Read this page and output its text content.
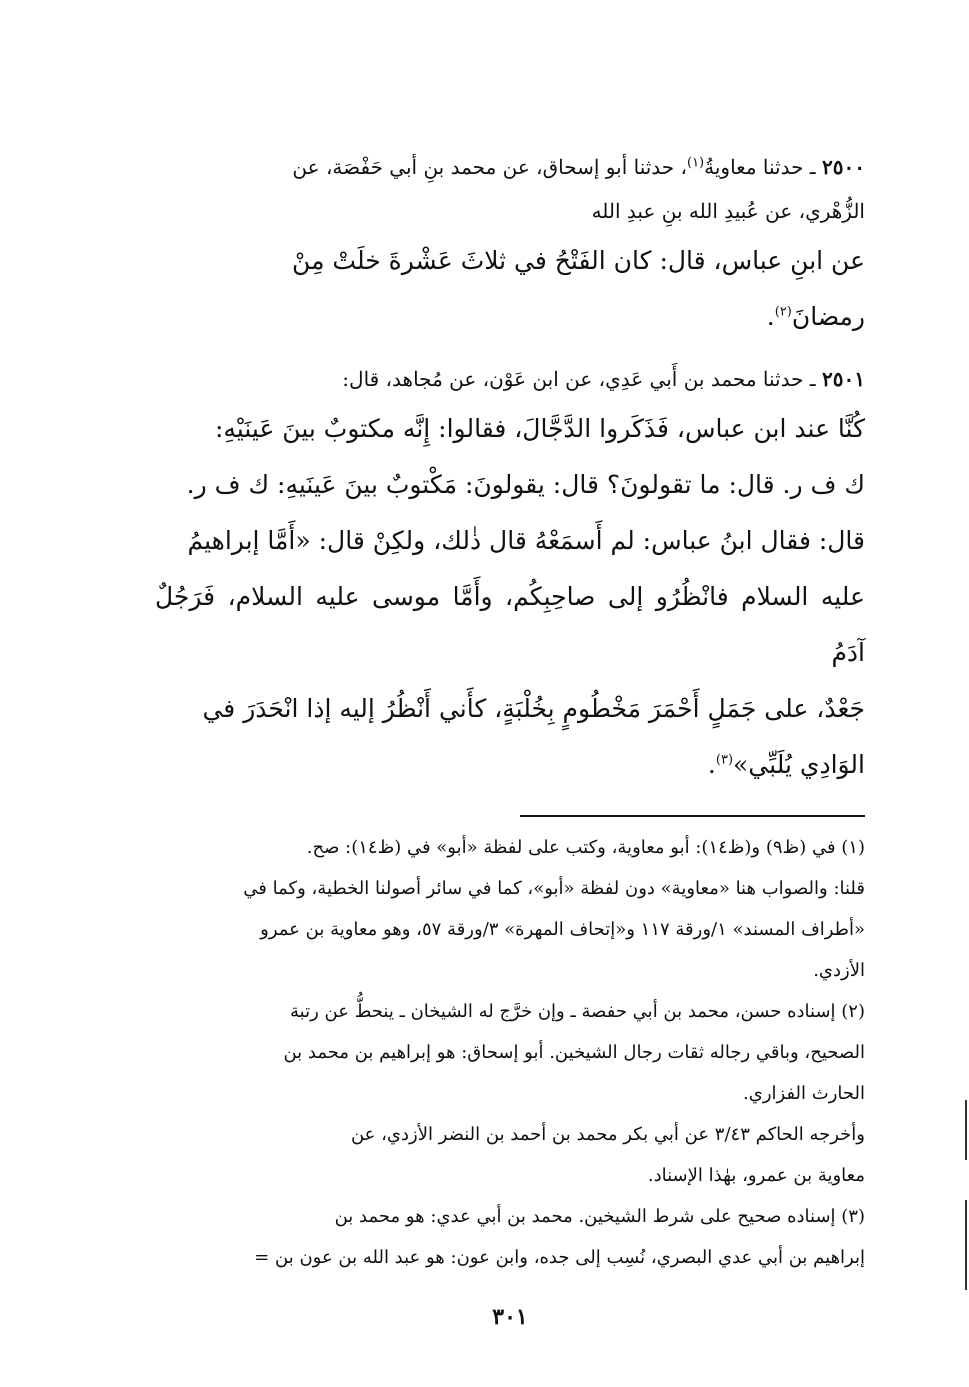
٢٥٠٠ ـ حدثنا معاويةُ$^{(١)}$، حدثنا أبو إسحاق، عن محمد بنِ أبي حَفْصَة، عن

الزُّهْري، عن عُبيدِ الله بنِ عبدِ الله

عن ابنِ عباس، قال: كان الفَتْحُ في ثلاثَ عَشْرةَ خلَتْ مِنْ

رمضانَ$^{(٢)}$.

٢٥٠١ ـ حدثنا محمد بن أَبي عَدِي، عن ابن عَوْن، عن مُجاهد، قال:

كُنَّا عند ابن عباس، فَذَكَروا الدَّجَّالَ، فقالوا: إِنَّه مكتوبٌ بينَ عَينَيْهِ:

ك ف ر. قال: ما تقولونَ؟ قال: يقولونَ: مَكْتوبٌ بينَ عَينَيهِ: ك ف ر.

قال: فقال ابنُ عباس: لم أَسمَعْهُ قال ذٰلك، ولكِنْ قال: «أَمَّا إبراهيمُ

عليه السلام فانْظُرُو إلى صاحِبِكُم، وأَمَّا موسى عليه السلام، فَرَجُلٌ آدَمُ

جَعْدٌ، على جَمَلٍ أَحْمَرَ مَخْطُومٍ بِخُلْبَةٍ، كأَني أَنْظُرُ إليه إذا انْحَدَرَ في

الوَادِي يُلَبِّي»$^{(٣)}$.

(١) في (ظ٩) و(ظ١٤): أبو معاوية، وكتب على لفظة «أبو» في (ظ١٤): صح.

قلنا: والصواب هنا «معاوية» دون لفظة «أبو»، كما في سائر أصولنا الخطية، وكما في

«أطراف المسند» ١/ورقة ١١٧ و«إتحاف المهرة» ٣/ورقة ٥٧، وهو معاوية بن عمرو

الأزدي.

(٢) إسناده حسن، محمد بن أبي حفصة ـ وإن خرَّج له الشيخان ـ ينحطُّ عن رتبة

الصحيح، وباقي رجاله ثقات رجال الشيخين. أبو إسحاق: هو إبراهيم بن محمد بن

الحارث الفزاري.

وأخرجه الحاكم ٣/٤٣ عن أبي بكر محمد بن أحمد بن النضر الأزدي، عن

معاوية بن عمرو، بهٰذا الإسناد.

(٣) إسناده صحيح على شرط الشيخين. محمد بن أبي عدي: هو محمد بن

إبراهيم بن أبي عدي البصري، نُسِب إلى جده، وابن عون: هو عبد الله بن عون بن =

٣٠١
